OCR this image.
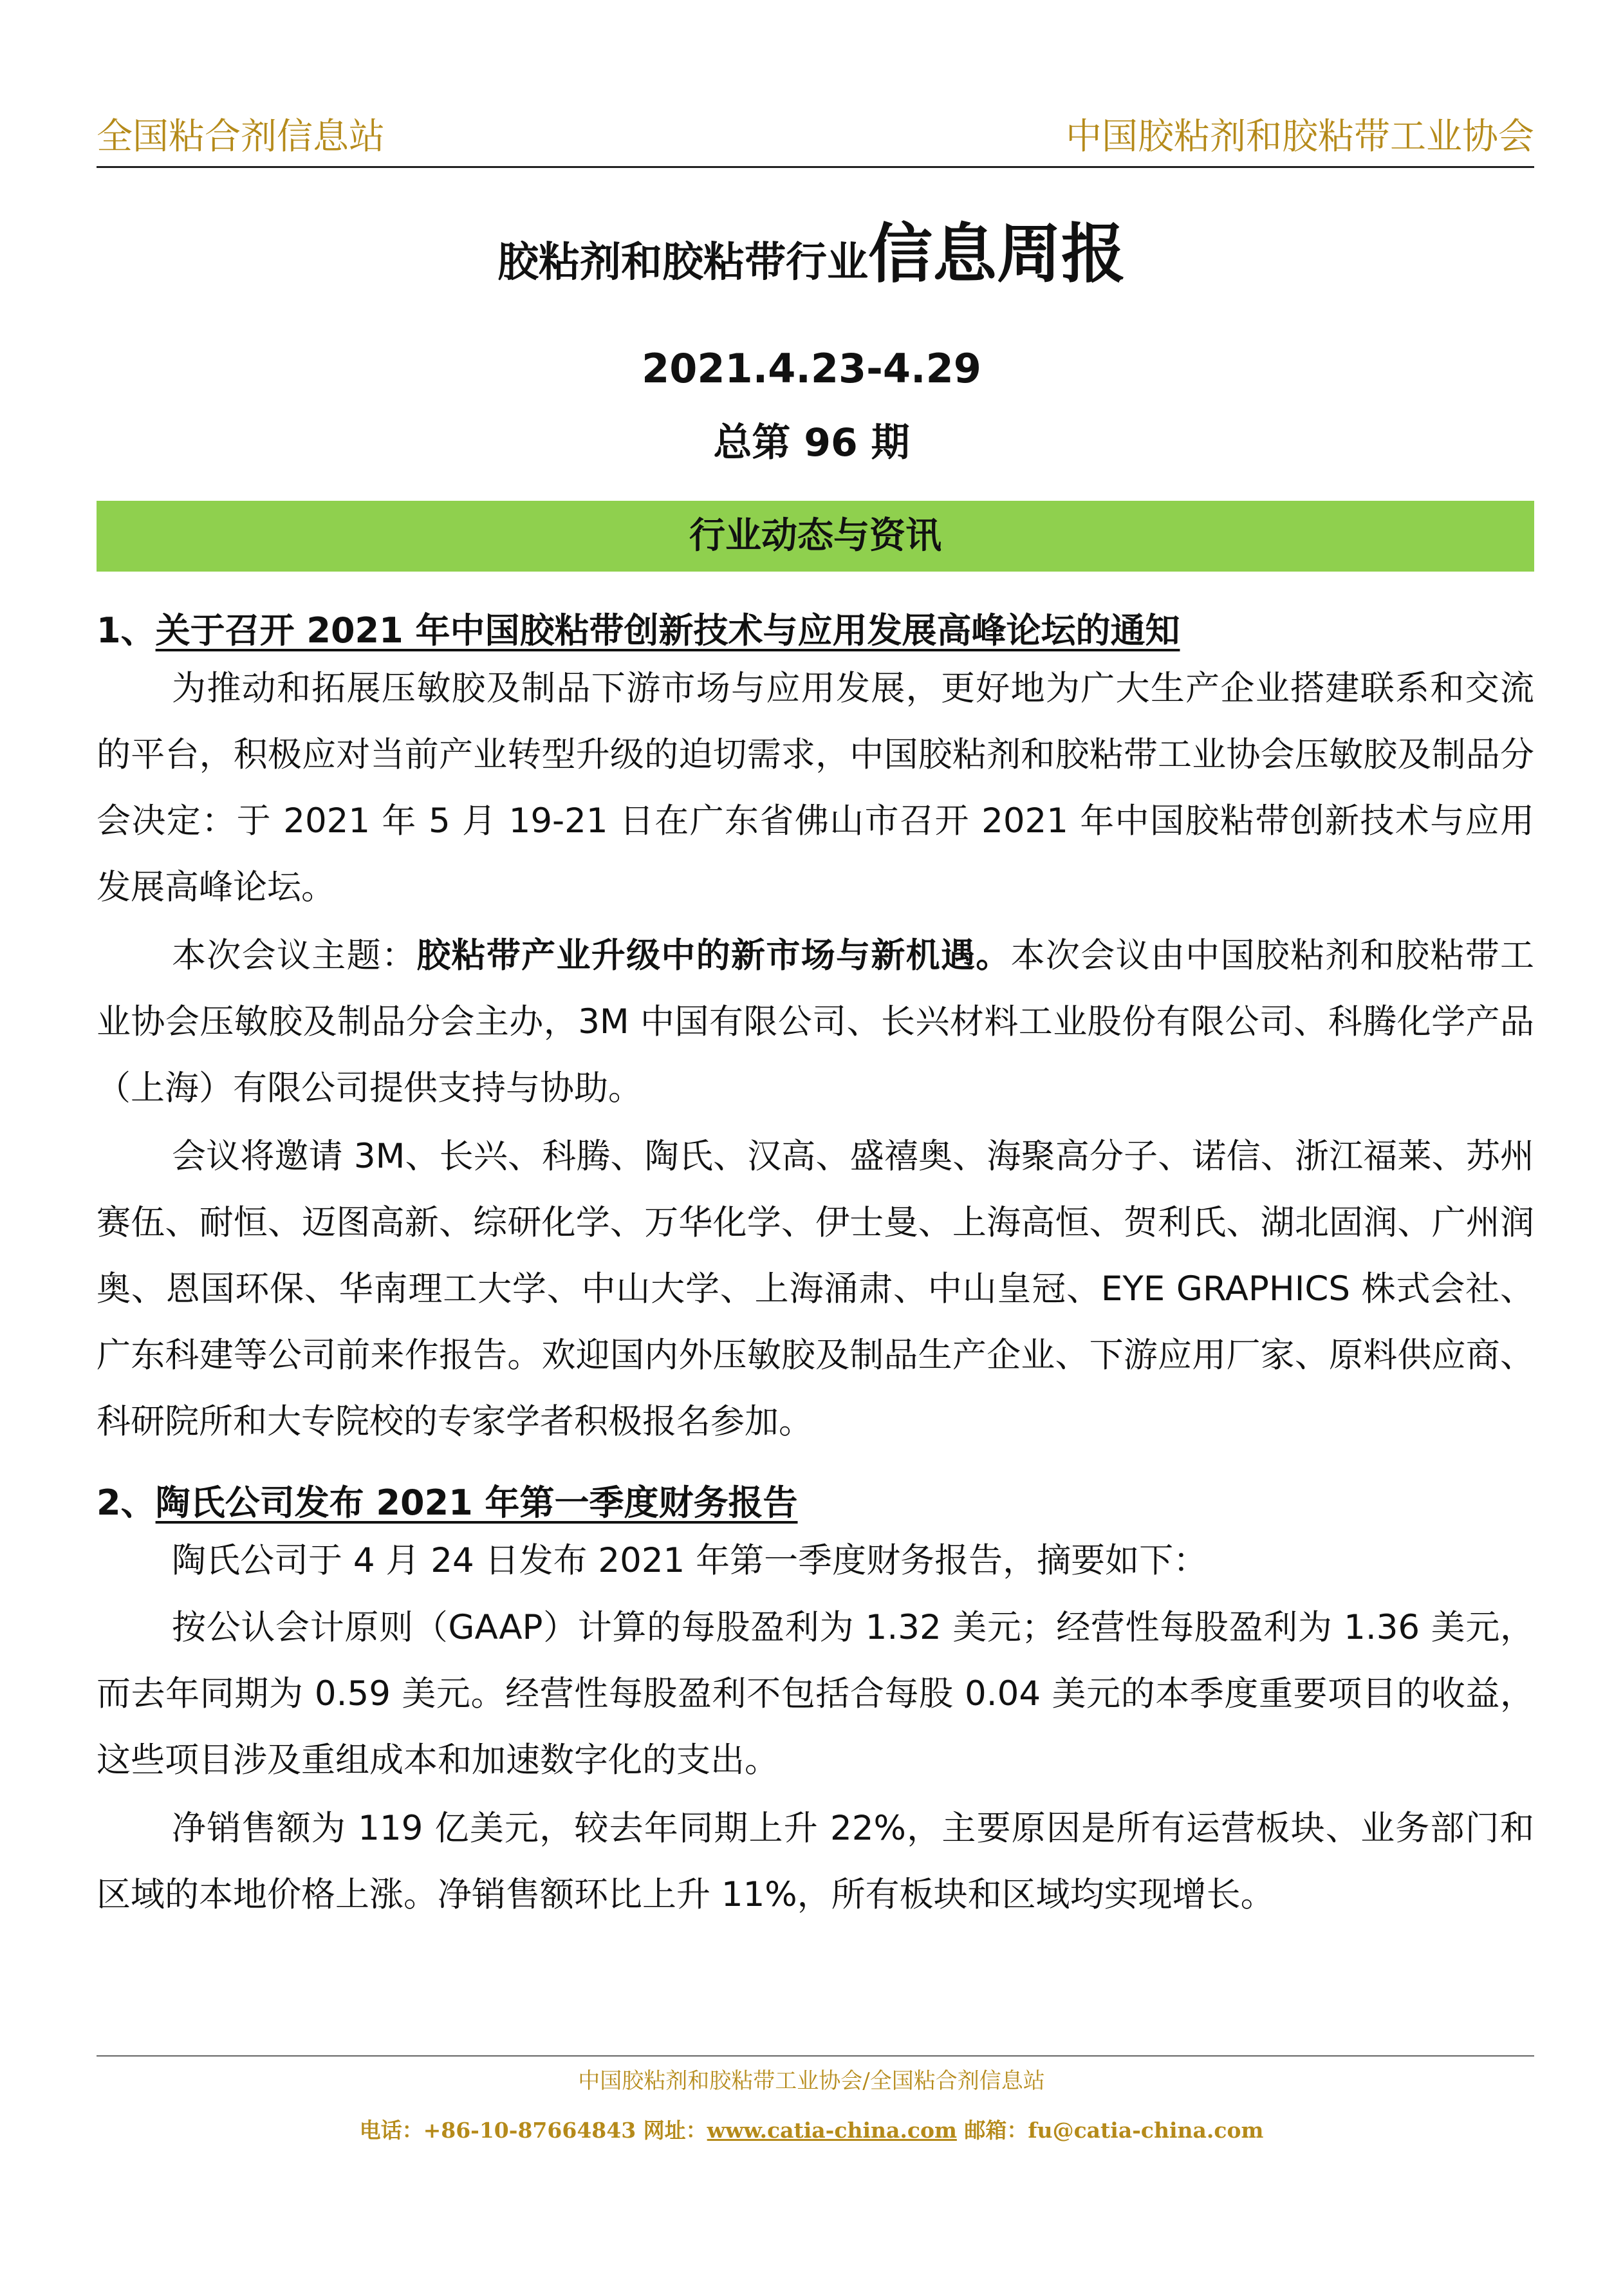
全国粘合剂信息站	中国胶粘剂和胶粘带工业协会
胶粘剂和胶粘带行业信息周报
2021.4.23-4.29
总第 96 期
行业动态与资讯
1、关于召开 2021 年中国胶粘带创新技术与应用发展高峰论坛的通知

为推动和拓展压敏胶及制品下游市场与应用发展，更好地为广大生产企业搭建联系和交流的平台，积极应对当前产业转型升级的迫切需求，中国胶粘剂和胶粘带工业协会压敏胶及制品分会决定：于 2021 年 5 月 19-21 日在广东省佛山市召开 2021 年中国胶粘带创新技术与应用发展高峰论坛。

本次会议主题：胶粘带产业升级中的新市场与新机遇。本次会议由中国胶粘剂和胶粘带工业协会压敏胶及制品分会主办，3M 中国有限公司、长兴材料工业股份有限公司、科腾化学产品（上海）有限公司提供支持与协助。

会议将邀请 3M、长兴、科腾、陶氏、汉高、盛禧奥、海聚高分子、诺信、浙江福莱、苏州赛伍、耐恒、迈图高新、综研化学、万华化学、伊士曼、上海高恒、贺利氏、湖北固润、广州润奥、恩国环保、华南理工大学、中山大学、上海涌肃、中山皇冠、EYE GRAPHICS 株式会社、广东科建等公司前来作报告。欢迎国内外压敏胶及制品生产企业、下游应用厂家、原料供应商、科研院所和大专院校的专家学者积极报名参加。

2、陶氏公司发布 2021 年第一季度财务报告

陶氏公司于 4 月 24 日发布 2021 年第一季度财务报告，摘要如下：

按公认会计原则（GAAP）计算的每股盈利为 1.32 美元；经营性每股盈利为 1.36 美元，而去年同期为 0.59 美元。经营性每股盈利不包括合每股 0.04 美元的本季度重要项目的收益，这些项目涉及重组成本和加速数字化的支出。

净销售额为 119 亿美元，较去年同期上升 22%，主要原因是所有运营板块、业务部门和区域的本地价格上涨。净销售额环比上升 11%，所有板块和区域均实现增长。

中国胶粘剂和胶粘带工业协会/全国粘合剂信息站
电话：+86-10-87664843 网址：www.catia-china.com 邮箱：fu@catia-china.com
